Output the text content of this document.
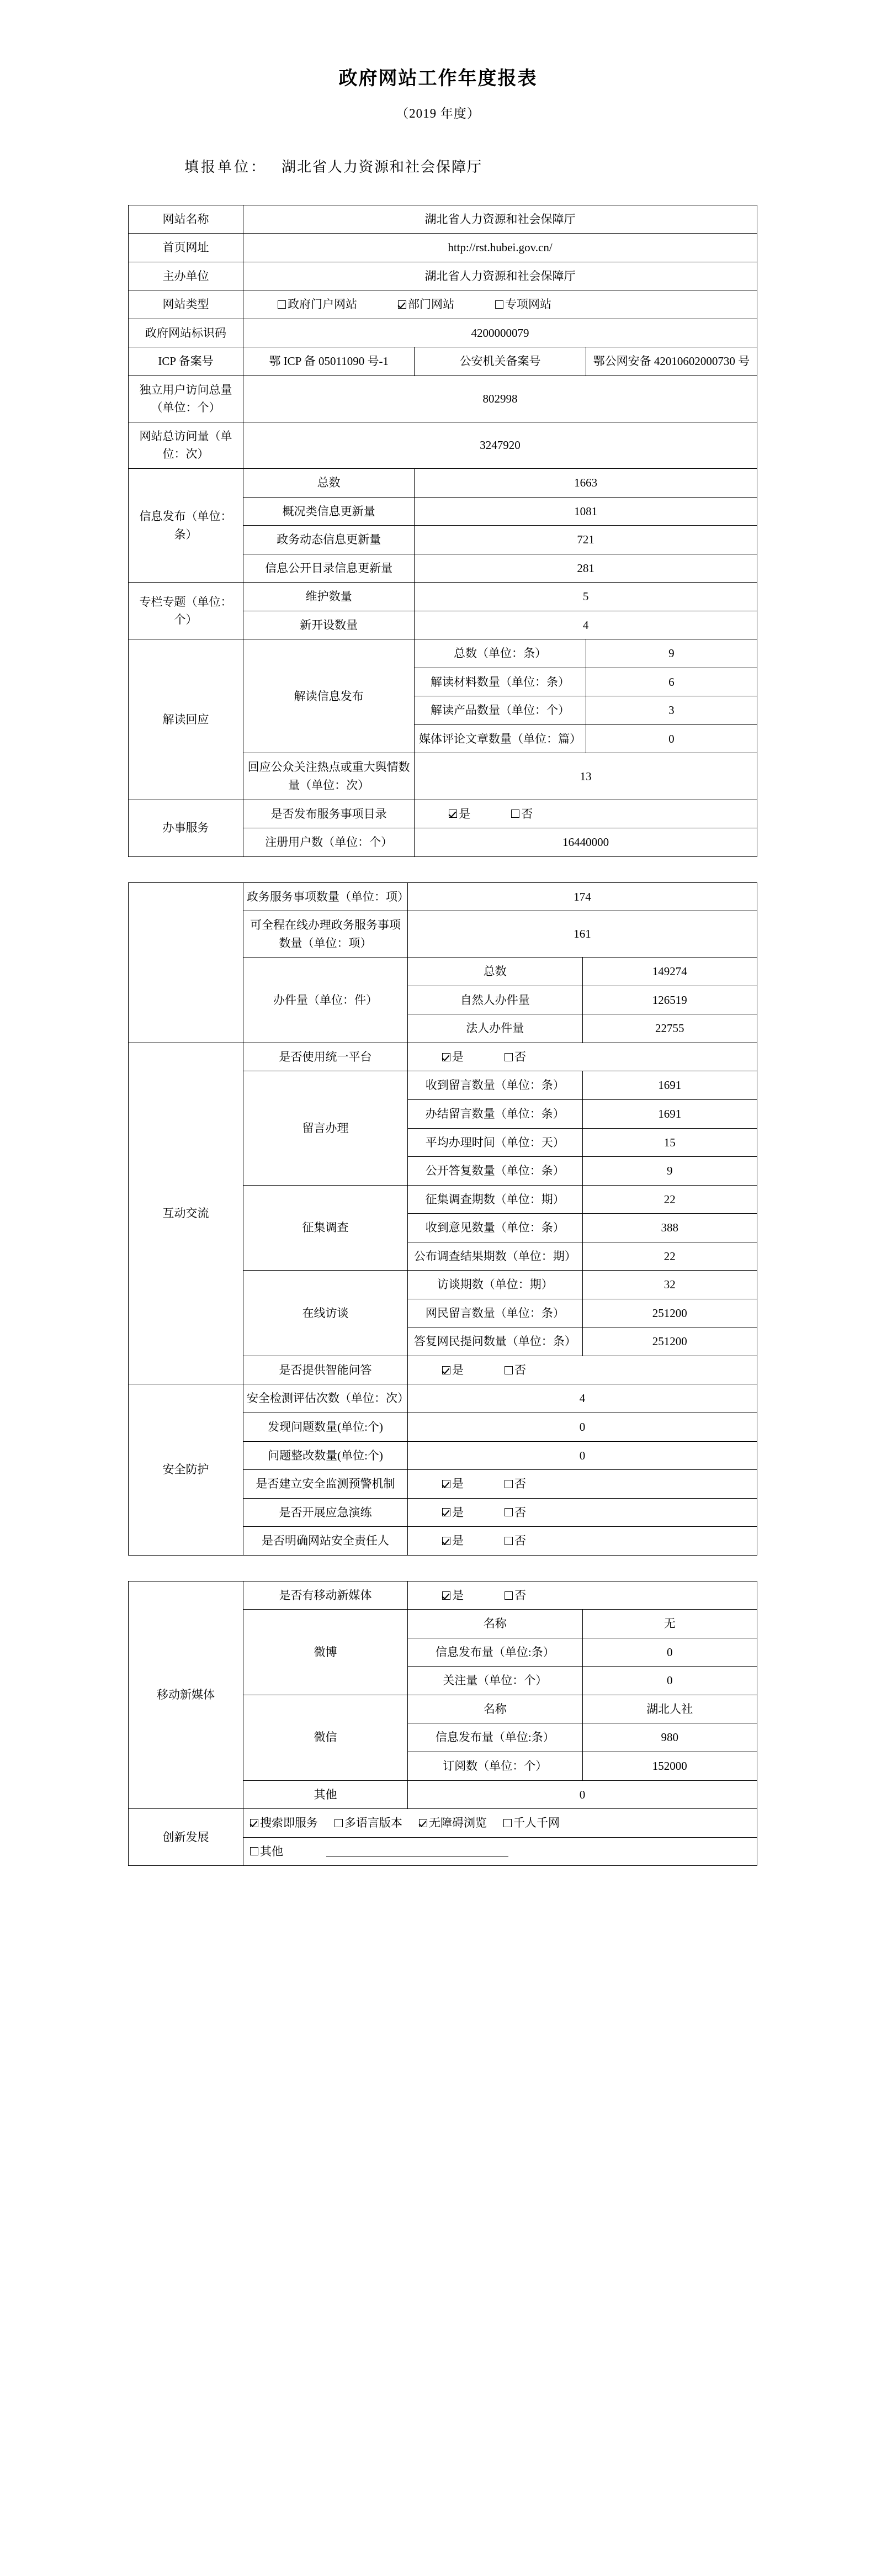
政府网站工作年度报表
（2019 年度）

填报单位： 湖北省人力资源和社会保障厅

网站名称	湖北省人力资源和社会保障厅		
首页网址	http://rst.hubei.gov.cn/		
主办单位	湖北省人力资源和社会保障厅		
网站类型	政府门户网站 部门网站 专项网站		

政府网站标识码	4200000079		
ICP 备案号	鄂 ICP 备 05011090 号-1	公安机关备案号	鄂公网安备 42010602000730 号
独立用户访问总量（单位：个）	802998		
网站总访问量（单位：次）	3247920		
信息发布（单位：条）	总数	1663	
	概况类信息更新量	1081	
	政务动态信息更新量	721	
	信息公开目录信息更新量	281	
专栏专题（单位：个）	维护数量	5	
	新开设数量	4	
解读回应	解读信息发布	总数（单位：条）	9
		解读材料数量（单位：条）	6
		解读产品数量（单位：个）	3
		媒体评论文章数量（单位：篇）	0
	回应公众关注热点或重大舆情数量（单位：次）	13	
办事服务	是否发布服务事项目录	是 否	

	注册用户数（单位：个）	16440000	
	政务服务事项数量（单位：项）	174	
	可全程在线办理政务服务事项数量（单位：项）	161	
	办件量（单位：件）	总数	149274
		自然人办件量	126519
		法人办件量	22755
互动交流	是否使用统一平台	是 否	

	留言办理	收到留言数量（单位：条）	1691
		办结留言数量（单位：条）	1691
		平均办理时间（单位：天）	15
		公开答复数量（单位：条）	9
	征集调查	征集调查期数（单位：期）	22
		收到意见数量（单位：条）	388
		公布调查结果期数（单位：期）	22
	在线访谈	访谈期数（单位：期）	32
		网民留言数量（单位：条）	251200
		答复网民提问数量（单位：条）	251200
	是否提供智能问答	是 否	

安全防护	安全检测评估次数（单位：次）	4	
	发现问题数量(单位:个)	0	
	问题整改数量(单位:个)	0	
	是否建立安全监测预警机制	是 否	

	是否开展应急演练	是 否	

	是否明确网站安全责任人	是 否	
移动新媒体	是否有移动新媒体	是 否	

	微博	名称	无
		信息发布量（单位:条）	0
		关注量（单位：个）	0
	微信	名称	湖北人社
		信息发布量（单位:条）	980
		订阅数（单位：个）	152000
	其他	0	
创新发展	搜索即服务 多语言版本 无障碍浏览 千人千网		

	其他		
